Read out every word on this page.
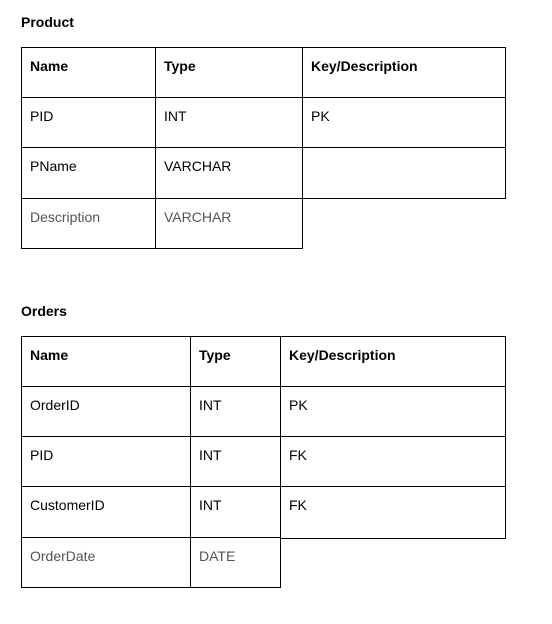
Product
Name	Type	Key/Description
PID	INT	PK
PName	VARCHAR
Description	VARCHAR
Orders
Name	Type	Key/Description
OrderID	INT	PK
PID	INT	FK
CustomerID	INT	FK
OrderDate	DATE
